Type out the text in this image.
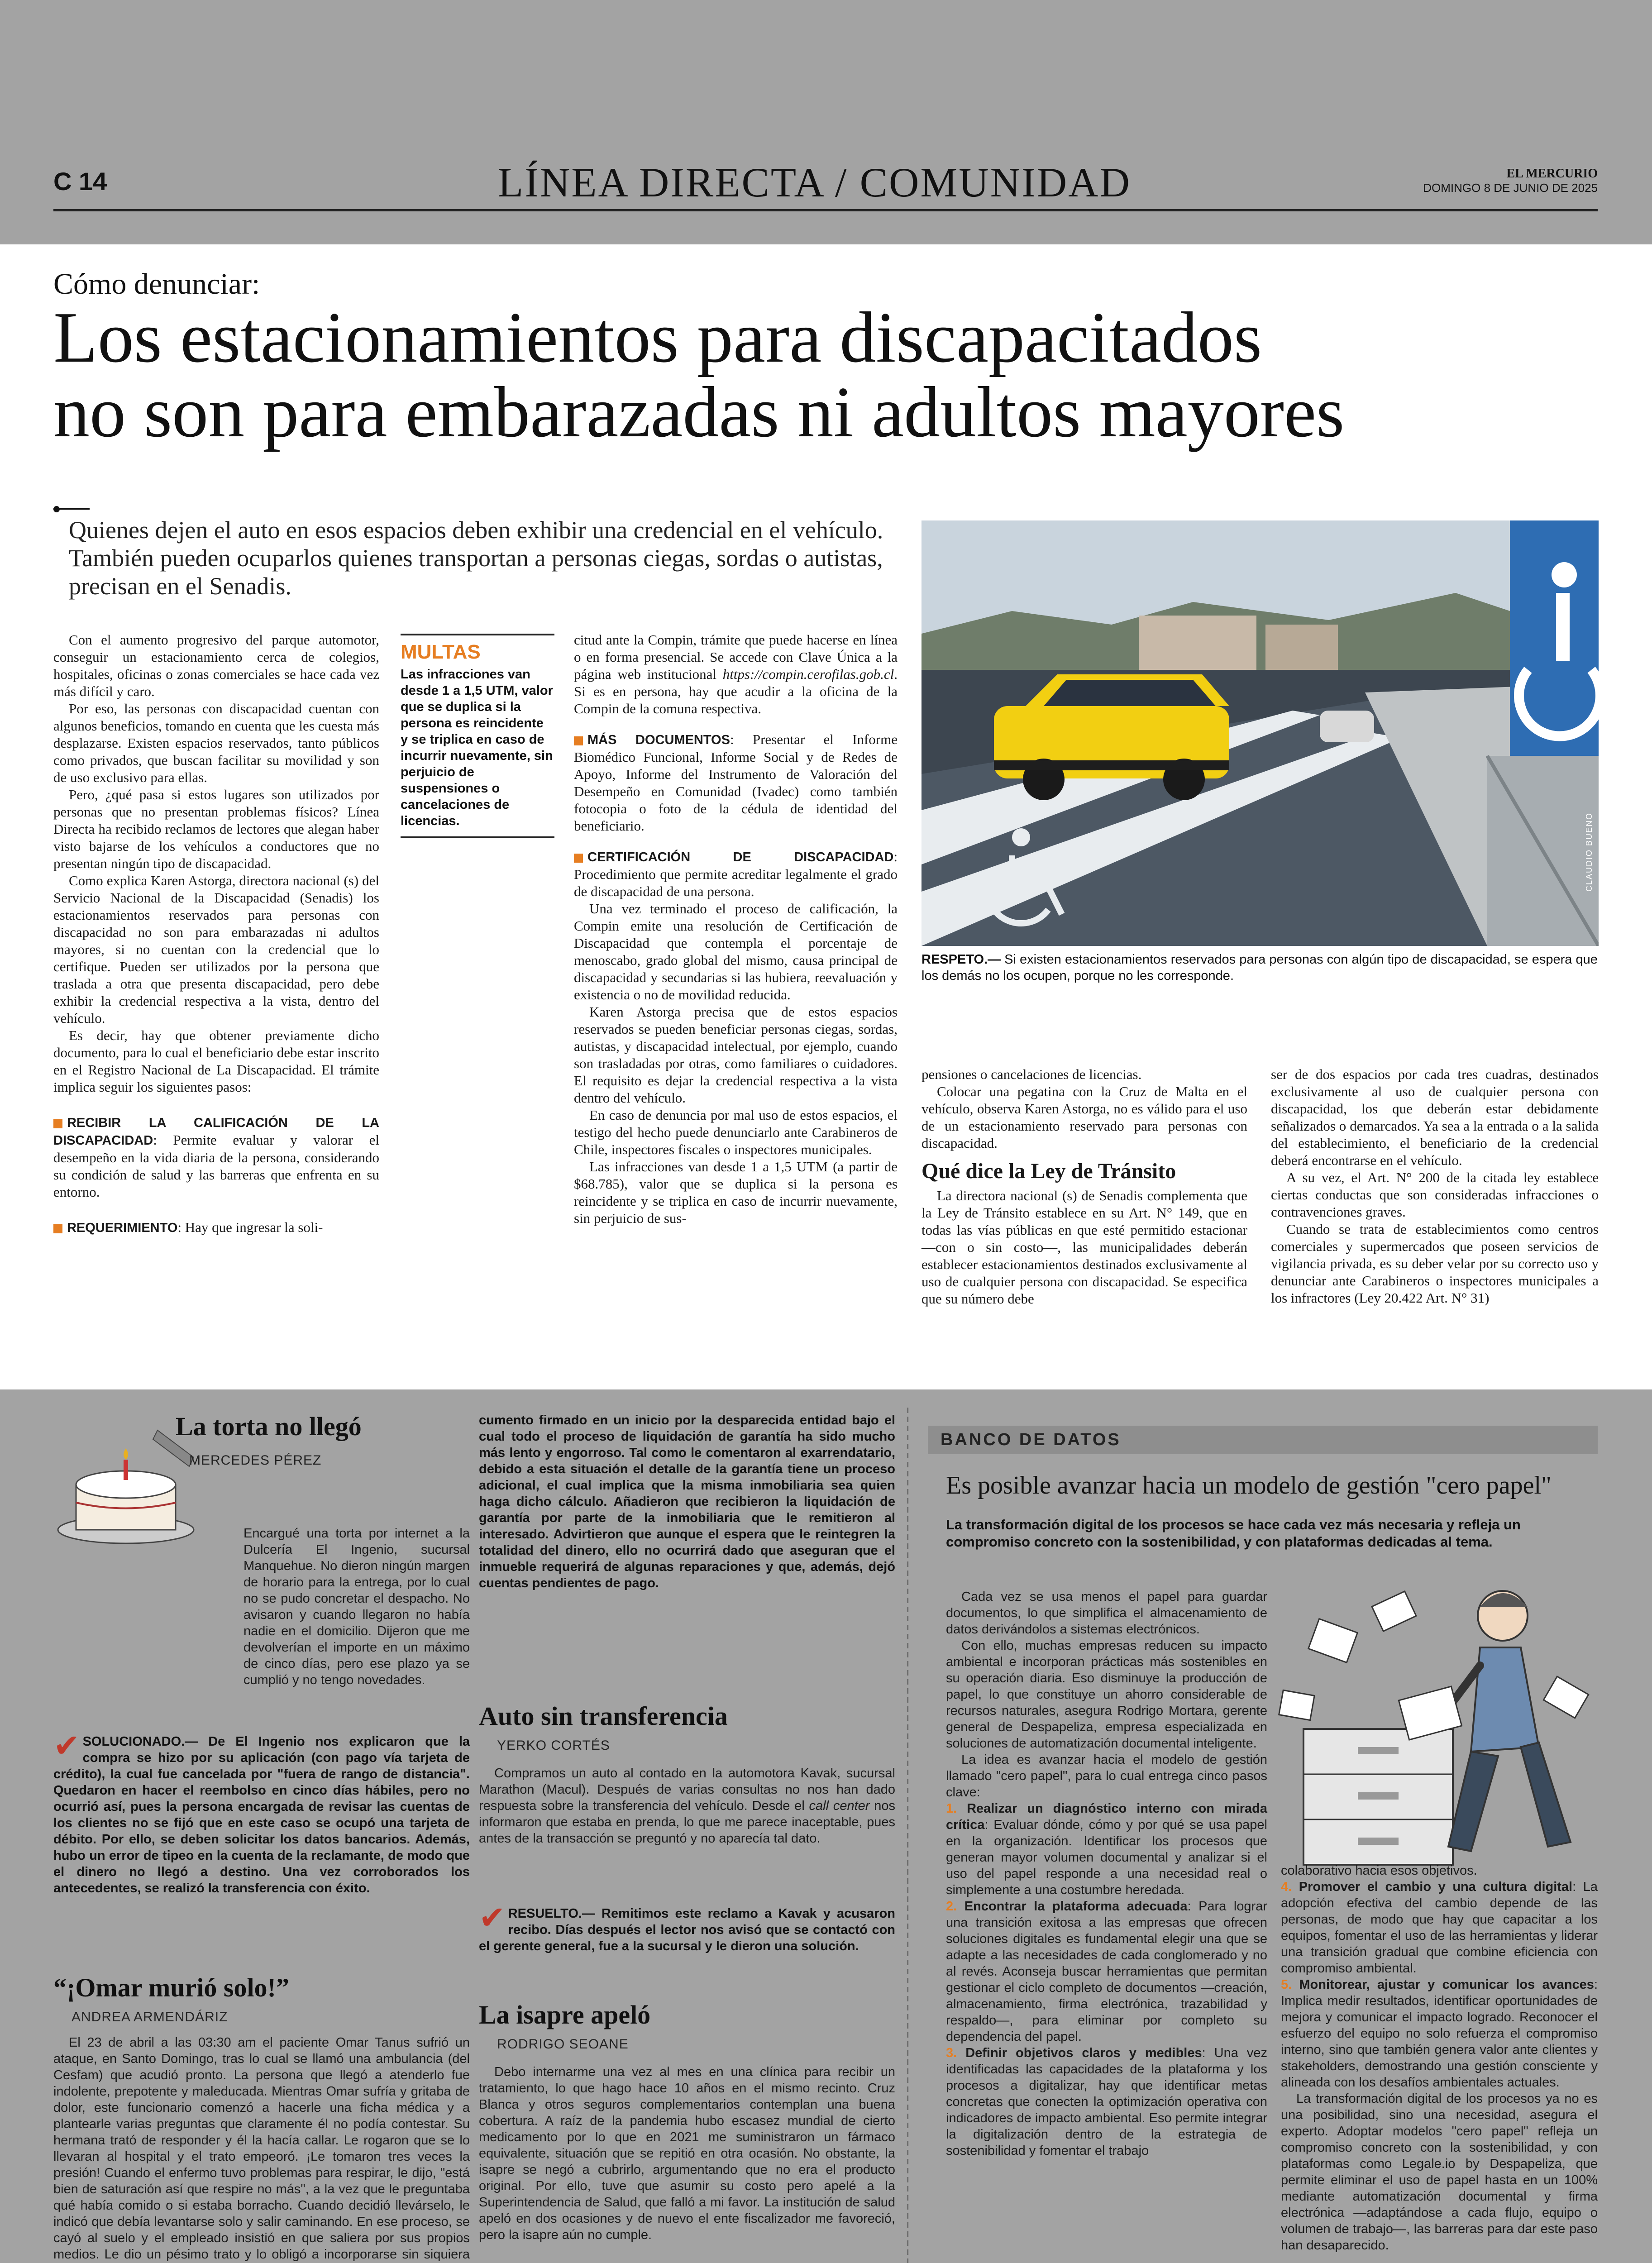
C 14	LÍNEA DIRECTA / COMUNIDAD	EL MERCURIO
DOMINGO 8 DE JUNIO DE 2025
Cómo denunciar:
Los estacionamientos para discapacitados
no son para embarazadas ni adultos mayores
Quienes dejen el auto en esos espacios deben exhibir una credencial en el vehículo. También pueden ocuparlos quienes transportan a personas ciegas, sordas o autistas, precisan en el Senadis.

Con el aumento progresivo del parque automotor, conseguir un estacionamiento cerca de colegios, hospitales, oficinas o zonas comerciales se hace cada vez más difícil y caro.

Por eso, las personas con discapacidad cuentan con algunos beneficios, tomando en cuenta que les cuesta más desplazarse. Existen espacios reservados, tanto públicos como privados, que buscan facilitar su movilidad y son de uso exclusivo para ellas.

Pero, ¿qué pasa si estos lugares son utilizados por personas que no presentan problemas físicos? Línea Directa ha recibido reclamos de lectores que alegan haber visto bajarse de los vehículos a conductores que no presentan ningún tipo de discapacidad.

Como explica Karen Astorga, directora nacional (s) del Servicio Nacional de la Discapacidad (Senadis) los estacionamientos reservados para personas con discapacidad no son para embarazadas ni adultos mayores, si no cuentan con la credencial que lo certifique. Pueden ser utilizados por la persona que traslada a otra que presenta discapacidad, pero debe exhibir la credencial respectiva a la vista, dentro del vehículo.

Es decir, hay que obtener previamente dicho documento, para lo cual el beneficiario debe estar inscrito en el Registro Nacional de La Discapacidad. El trámite implica seguir los siguientes pasos:

RECIBIR LA CALIFICACIÓN DE LA DISCAPACIDAD: Permite evaluar y valorar el desempeño en la vida diaria de la persona, considerando su condición de salud y las barreras que enfrenta en su entorno.

REQUERIMIENTO: Hay que ingresar la soli-

MULTAS
Las infracciones van desde 1 a 1,5 UTM, valor que se duplica si la persona es reincidente y se triplica en caso de incurrir nuevamente, sin perjuicio de suspensiones o cancelaciones de licencias.

citud ante la Compin, trámite que puede hacerse en línea o en forma presencial. Se accede con Clave Única a la página web institucional https://compin.cerofilas.gob.cl. Si es en persona, hay que acudir a la oficina de la Compin de la comuna respectiva.

MÁS DOCUMENTOS: Presentar el Informe Biomédico Funcional, Informe Social y de Redes de Apoyo, Informe del Instrumento de Valoración del Desempeño en Comunidad (Ivadec) como también fotocopia o foto de la cédula de identidad del beneficiario.

CERTIFICACIÓN DE DISCAPACIDAD: Procedimiento que permite acreditar legalmente el grado de discapacidad de una persona.

Una vez terminado el proceso de calificación, la Compin emite una resolución de Certificación de Discapacidad que contempla el porcentaje de menoscabo, grado global del mismo, causa principal de discapacidad y secundarias si las hubiera, reevaluación y existencia o no de movilidad reducida.

Karen Astorga precisa que de estos espacios reservados se pueden beneficiar personas ciegas, sordas, autistas, y discapacidad intelectual, por ejemplo, cuando son trasladadas por otras, como familiares o cuidadores. El requisito es dejar la credencial respectiva a la vista dentro del vehículo.

En caso de denuncia por mal uso de estos espacios, el testigo del hecho puede denunciarlo ante Carabineros de Chile, inspectores fiscales o inspectores municipales.

Las infracciones van desde 1 a 1,5 UTM (a partir de $68.785), valor que se duplica si la persona es reincidente y se triplica en caso de incurrir nuevamente, sin perjuicio de sus-

CLAUDIO BUENO
RESPETO.— Si existen estacionamientos reservados para personas con algún tipo de discapacidad, se espera que los demás no los ocupen, porque no les corresponde.

pensiones o cancelaciones de licencias.

Colocar una pegatina con la Cruz de Malta en el vehículo, observa Karen Astorga, no es válido para el uso de un estacionamiento reservado para personas con discapacidad.

Qué dice la Ley de Tránsito

La directora nacional (s) de Senadis complementa que la Ley de Tránsito establece en su Art. N° 149, que en todas las vías públicas en que esté permitido estacionar —con o sin costo—, las municipalidades deberán establecer estacionamientos destinados exclusivamente al uso de cualquier persona con discapacidad. Se especifica que su número debe

ser de dos espacios por cada tres cuadras, destinados exclusivamente al uso de cualquier persona con discapacidad, los que deberán estar debidamente señalizados o demarcados. Ya sea a la entrada o a la salida del establecimiento, el beneficiario de la credencial deberá encontrarse en el vehículo.

A su vez, el Art. N° 200 de la citada ley establece ciertas conductas que son consideradas infracciones o contravenciones graves.

Cuando se trata de establecimientos como centros comerciales y supermercados que poseen servicios de vigilancia privada, es su deber velar por su correcto uso y denunciar ante Carabineros o inspectores municipales a los infractores (Ley 20.422 Art. N° 31)

La torta no llegó
MERCEDES PÉREZ
Encargué una torta por internet a la Dulcería El Ingenio, sucursal Manquehue. No dieron ningún margen de horario para la entrega, por lo cual no se pudo concretar el despacho. No avisaron y cuando llegaron no había nadie en el domicilio. Dijeron que me devolverían el importe en un máximo de cinco días, pero ese plazo ya se cumplió y no tengo novedades.
✔ SOLUCIONADO.— De El Ingenio nos explicaron que la compra se hizo por su aplicación (con pago vía tarjeta de crédito), la cual fue cancelada por "fuera de rango de distancia". Quedaron en hacer el reembolso en cinco días hábiles, pero no ocurrió así, pues la persona encargada de revisar las cuentas de los clientes no se fijó que en este caso se ocupó una tarjeta de débito. Por ello, se deben solicitar los datos bancarios. Además, hubo un error de tipeo en la cuenta de la reclamante, de modo que el dinero no llegó a destino. Una vez corroborados los antecedentes, se realizó la transferencia con éxito.
“¡Omar murió solo!”
ANDREA ARMENDÁRIZ

El 23 de abril a las 03:30 am el paciente Omar Tanus sufrió un ataque, en Santo Domingo, tras lo cual se llamó una ambulancia (del Cesfam) que acudió pronto. La persona que llegó a atenderlo fue indolente, prepotente y maleducada. Mientras Omar sufría y gritaba de dolor, este funcionario comenzó a hacerle una ficha médica y a plantearle varias preguntas que claramente él no podía contestar. Su hermana trató de responder y él la hacía callar. Le rogaron que se lo llevaran al hospital y el trato empeoró. ¡Le tomaron tres veces la presión! Cuando el enfermo tuvo problemas para respirar, le dijo, "está bien de saturación así que respire no más", a la vez que le preguntaba qué había comido o si estaba borracho. Cuando decidió llevárselo, le indicó que debía levantarse solo y salir caminando. En ese proceso, se cayó al suelo y el empleado insistió en que saliera por sus propios medios. Le dio un pésimo trato y lo obligó a incorporarse sin siquiera

cumento firmado en un inicio por la desparecida entidad bajo el cual todo el proceso de liquidación de garantía ha sido mucho más lento y engorroso. Tal como le comentaron al exarrendatario, debido a esta situación el detalle de la garantía tiene un proceso adicional, el cual implica que la misma inmobiliaria sea quien haga dicho cálculo. Añadieron que recibieron la liquidación de garantía por parte de la inmobiliaria que le remitieron al interesado. Advirtieron que aunque el espera que le reintegren la totalidad del dinero, ello no ocurrirá dado que aseguran que el inmueble requerirá de algunas reparaciones y que, además, dejó cuentas pendientes de pago.
Auto sin transferencia
YERKO CORTÉS

Compramos un auto al contado en la automotora Kavak, sucursal Marathon (Macul). Después de varias consultas no nos han dado respuesta sobre la transferencia del vehículo. Desde el call center nos informaron que estaba en prenda, lo que me parece inaceptable, pues antes de la transacción se preguntó y no aparecía tal dato.

✔ RESUELTO.— Remitimos este reclamo a Kavak y acusaron recibo. Días después el lector nos avisó que se contactó con el gerente general, fue a la sucursal y le dieron una solución.
La isapre apeló
RODRIGO SEOANE

Debo internarme una vez al mes en una clínica para recibir un tratamiento, lo que hago hace 10 años en el mismo recinto. Cruz Blanca y otros seguros complementarios contemplan una buena cobertura. A raíz de la pandemia hubo escasez mundial de cierto medicamento por lo que en 2021 me suministraron un fármaco equivalente, situación que se repitió en otra ocasión. No obstante, la isapre se negó a cubrirlo, argumentando que no era el producto original. Por ello, tuve que asumir su costo pero apelé a la Superintendencia de Salud, que falló a mi favor. La institución de salud apeló en dos ocasiones y de nuevo el ente fiscalizador me favoreció, pero la isapre aún no cumple.

BANCO DE DATOS
Es posible avanzar hacia un modelo de gestión "cero papel"
La transformación digital de los procesos se hace cada vez más necesaria y refleja un compromiso concreto con la sostenibilidad, y con plataformas dedicadas al tema.

Cada vez se usa menos el papel para guardar documentos, lo que simplifica el almacenamiento de datos derivándolos a sistemas electrónicos.

Con ello, muchas empresas reducen su impacto ambiental e incorporan prácticas más sostenibles en su operación diaria. Eso disminuye la producción de papel, lo que constituye un ahorro considerable de recursos naturales, asegura Rodrigo Mortara, gerente general de Despapeliza, empresa especializada en soluciones de automatización documental inteligente.

La idea es avanzar hacia el modelo de gestión llamado "cero papel", para lo cual entrega cinco pasos clave:

1. Realizar un diagnóstico interno con mirada crítica: Evaluar dónde, cómo y por qué se usa papel en la organización. Identificar los procesos que generan mayor volumen documental y analizar si el uso del papel responde a una necesidad real o simplemente a una costumbre heredada.

2. Encontrar la plataforma adecuada: Para lograr una transición exitosa a las empresas que ofrecen soluciones digitales es fundamental elegir una que se adapte a las necesidades de cada conglomerado y no al revés. Aconseja buscar herramientas que permitan gestionar el ciclo completo de documentos —creación, almacenamiento, firma electrónica, trazabilidad y respaldo—, para eliminar por completo su dependencia del papel.

3. Definir objetivos claros y medibles: Una vez identificadas las capacidades de la plataforma y los procesos a digitalizar, hay que identificar metas concretas que conecten la optimización operativa con indicadores de impacto ambiental. Eso permite integrar la digitalización dentro de la estrategia de sostenibilidad y fomentar el trabajo

colaborativo hacia esos objetivos.

4. Promover el cambio y una cultura digital: La adopción efectiva del cambio depende de las personas, de modo que hay que capacitar a los equipos, fomentar el uso de las herramientas y liderar una transición gradual que combine eficiencia con compromiso ambiental.

5. Monitorear, ajustar y comunicar los avances: Implica medir resultados, identificar oportunidades de mejora y comunicar el impacto logrado. Reconocer el esfuerzo del equipo no solo refuerza el compromiso interno, sino que también genera valor ante clientes y stakeholders, demostrando una gestión consciente y alineada con los desafíos ambientales actuales.

La transformación digital de los procesos ya no es una posibilidad, sino una necesidad, asegura el experto. Adoptar modelos "cero papel" refleja un compromiso concreto con la sostenibilidad, y con plataformas como Legale.io by Despapeliza, que permite eliminar el uso de papel hasta en un 100% mediante automatización documental y firma electrónica —adaptándose a cada flujo, equipo o volumen de trabajo—, las barreras para dar este paso han desaparecido.
